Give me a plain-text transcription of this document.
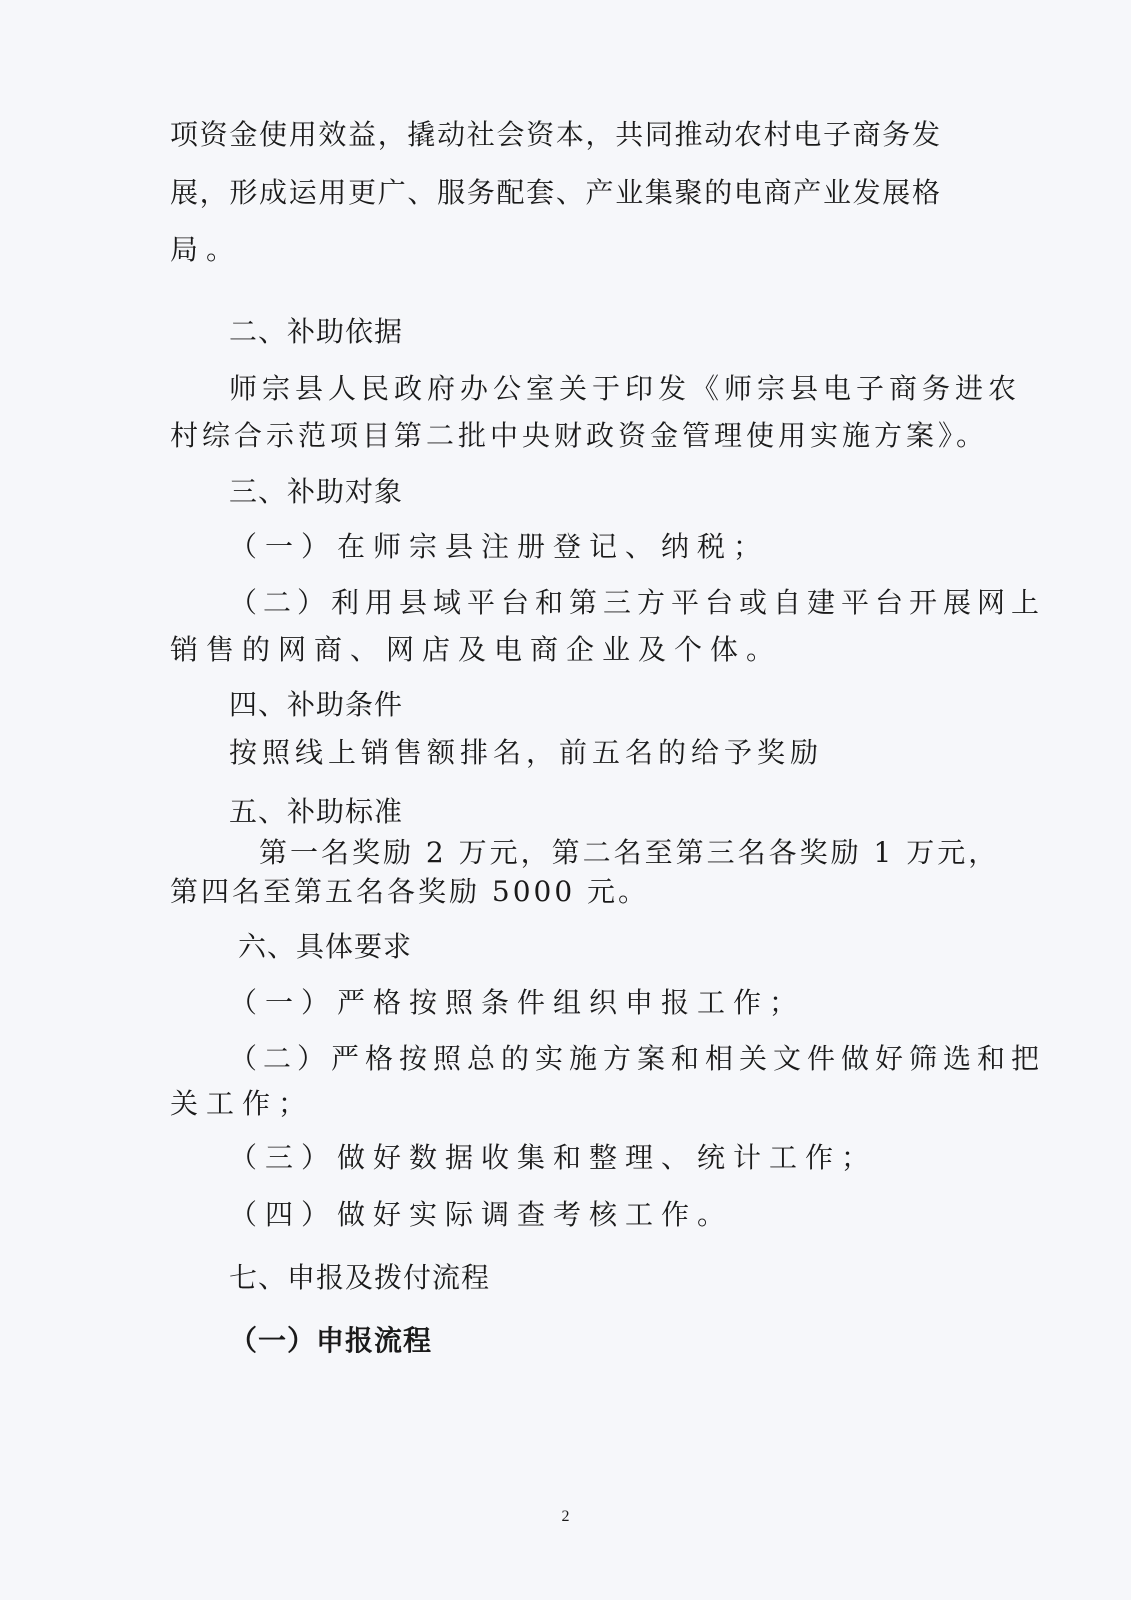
项资金使用效益，撬动社会资本，共同推动农村电子商务发
展，形成运用更广、服务配套、产业集聚的电商产业发展格
局。
二、补助依据
师宗县人民政府办公室关于印发《师宗县电子商务进农
村综合示范项目第二批中央财政资金管理使用实施方案》。
三、补助对象
（一）在师宗县注册登记、纳税；
（二）利用县域平台和第三方平台或自建平台开展网上
销售的网商、网店及电商企业及个体。
四、补助条件
按照线上销售额排名，前五名的给予奖励
五、补助标准
第一名奖励 2 万元，第二名至第三名各奖励 1 万元，
第四名至第五名各奖励 5000 元。
六、具体要求
（一）严格按照条件组织申报工作；
（二）严格按照总的实施方案和相关文件做好筛选和把
关工作；
（三）做好数据收集和整理、统计工作；
（四）做好实际调查考核工作。
七、申报及拨付流程
（一）申报流程
2
